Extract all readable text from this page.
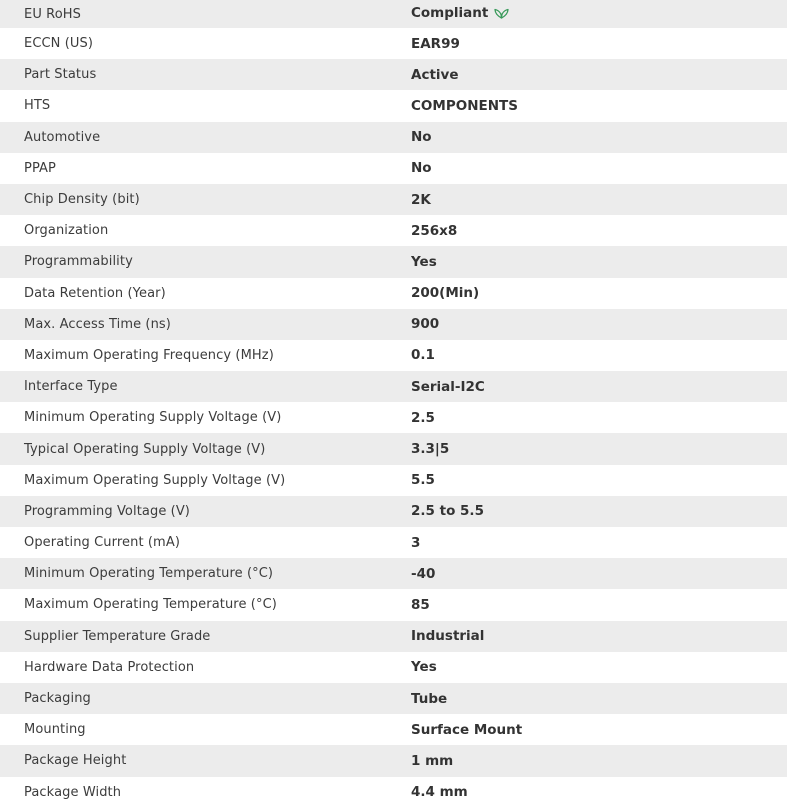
EU RoHS	Compliant
ECCN (US)	EAR99
Part Status	Active
HTS	COMPONENTS
Automotive	No
PPAP	No
Chip Density (bit)	2K
Organization	256x8
Programmability	Yes
Data Retention (Year)	200(Min)
Max. Access Time (ns)	900
Maximum Operating Frequency (MHz)	0.1
Interface Type	Serial-I2C
Minimum Operating Supply Voltage (V)	2.5
Typical Operating Supply Voltage (V)	3.3|5
Maximum Operating Supply Voltage (V)	5.5
Programming Voltage (V)	2.5 to 5.5
Operating Current (mA)	3
Minimum Operating Temperature (°C)	-40
Maximum Operating Temperature (°C)	85
Supplier Temperature Grade	Industrial
Hardware Data Protection	Yes
Packaging	Tube
Mounting	Surface Mount
Package Height	1 mm
Package Width	4.4 mm
